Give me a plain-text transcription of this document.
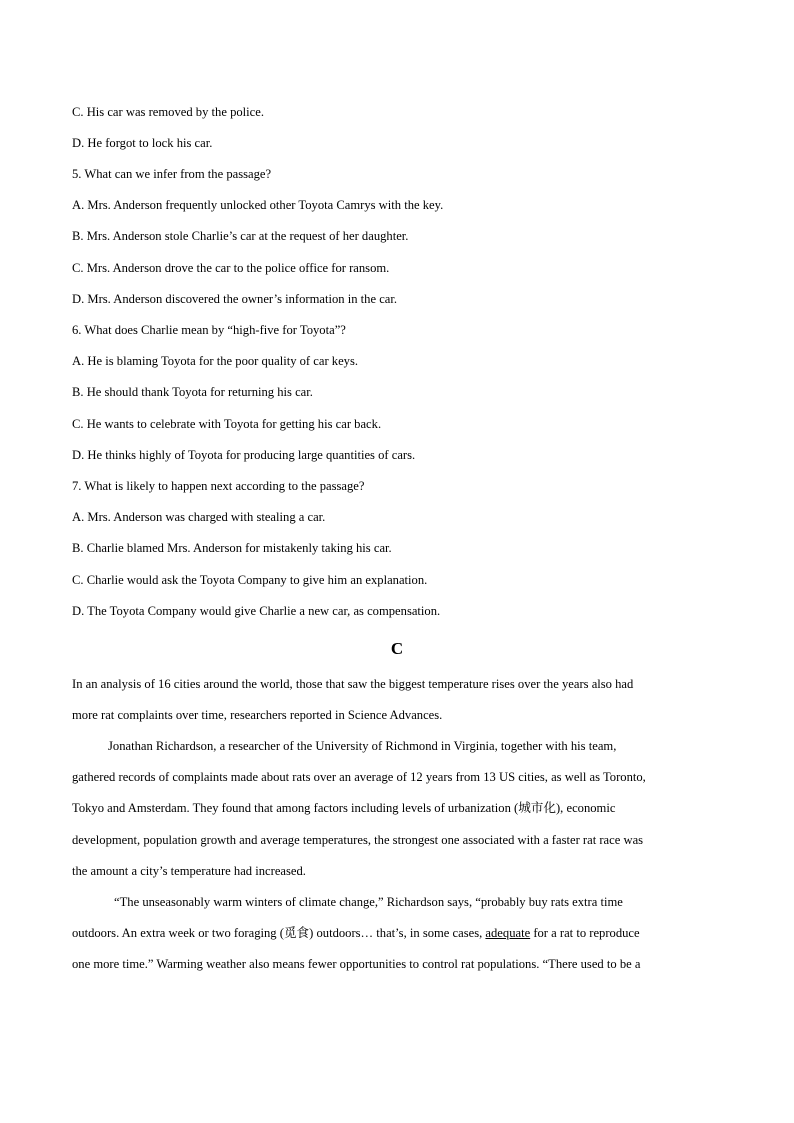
C. His car was removed by the police.
D. He forgot to lock his car.
5. What can we infer from the passage?
A. Mrs. Anderson frequently unlocked other Toyota Camrys with the key.
B. Mrs. Anderson stole Charlie’s car at the request of her daughter.
C. Mrs. Anderson drove the car to the police office for ransom.
D. Mrs. Anderson discovered the owner’s information in the car.
6. What does Charlie mean by “high-five for Toyota”?
A. He is blaming Toyota for the poor quality of car keys.
B. He should thank Toyota for returning his car.
C. He wants to celebrate with Toyota for getting his car back.
D. He thinks highly of Toyota for producing large quantities of cars.
7. What is likely to happen next according to the passage?
A. Mrs. Anderson was charged with stealing a car.
B. Charlie blamed Mrs. Anderson for mistakenly taking his car.
C. Charlie would ask the Toyota Company to give him an explanation.
D. The Toyota Company would give Charlie a new car, as compensation.
C
In an analysis of 16 cities around the world, those that saw the biggest temperature rises over the years also had
more rat complaints over time, researchers reported in Science Advances.
Jonathan Richardson, a researcher of the University of Richmond in Virginia, together with his team,
gathered records of complaints made about rats over an average of 12 years from 13 US cities, as well as Toronto,
Tokyo and Amsterdam. They found that among factors including levels of urbanization (城市化), economic
development, population growth and average temperatures, the strongest one associated with a faster rat race was
the amount a city’s temperature had increased.
“The unseasonably warm winters of climate change,” Richardson says, “probably buy rats extra time
outdoors. An extra week or two foraging (觅食) outdoors… that’s, in some cases, adequate for a rat to reproduce
one more time.” Warming weather also means fewer opportunities to control rat populations. “There used to be a
